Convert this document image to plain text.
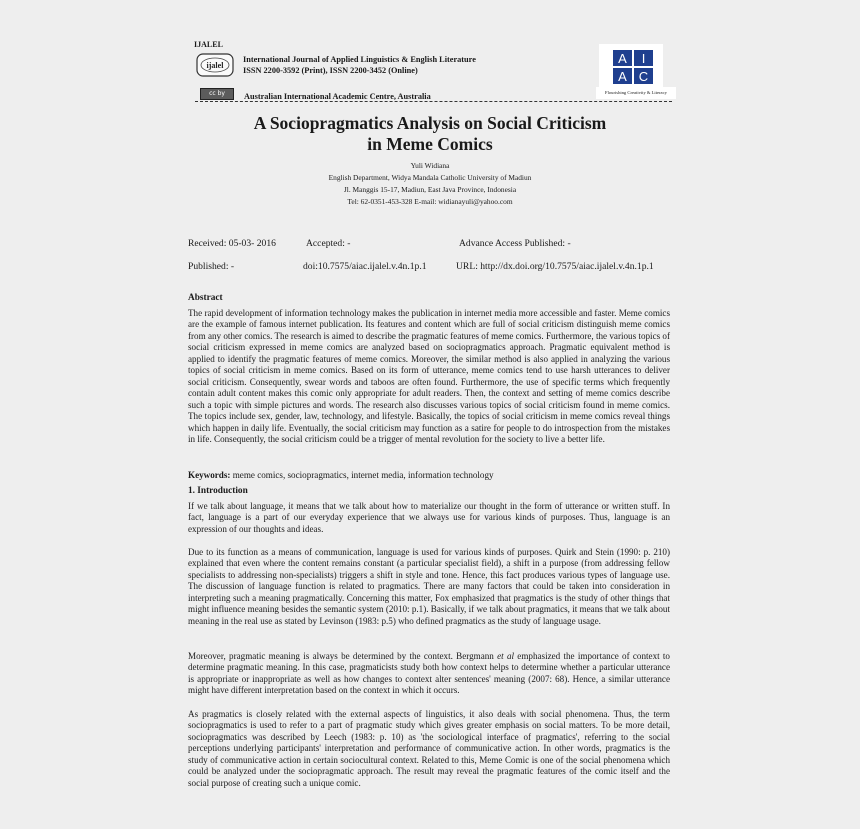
IJALEL
ijalel
International Journal of Applied Linguistics & English Literature
ISSN 2200-3592 (Print), ISSN 2200-3452 (Online)
cc by	Australian International Academic Centre, Australia
A I
A C
Flourishing Creativity & Literacy
A Sociopragmatics Analysis on Social Criticism
in Meme Comics
Yuli Widiana
English Department, Widya Mandala Catholic University of Madiun
Jl. Manggis 15-17, Madiun, East Java Province, Indonesia
Tel: 62-0351-453-328 E-mail: widianayuli@yahoo.com
Received: 05-03- 2016	Accepted: -	Advance Access Published: -
Published: -	doi:10.7575/aiac.ijalel.v.4n.1p.1	URL: http://dx.doi.org/10.7575/aiac.ijalel.v.4n.1p.1
Abstract
The rapid development of information technology makes the publication in internet media more accessible and faster. Meme comics are the example of famous internet publication. Its features and content which are full of social criticism distinguish meme comics from any other comics. The research is aimed to describe the pragmatic features of meme comics. Furthermore, the various topics of social criticism expressed in meme comics are analyzed based on sociopragmatics approach. Pragmatic equivalent method is applied to identify the pragmatic features of meme comics. Moreover, the similar method is also applied in analyzing the various topics of social criticism in meme comics. Based on its form of utterance, meme comics tend to use harsh utterances to deliver social criticism. Consequently, swear words and taboos are often found. Furthermore, the use of specific terms which frequently contain adult content makes this comic only appropriate for adult readers. Then, the context and setting of meme comics describe such a topic with simple pictures and words. The research also discusses various topics of social criticism found in meme comics. The topics include sex, gender, law, technology, and lifestyle. Basically, the topics of social criticism in meme comics reveal things which happen in daily life. Eventually, the social criticism may function as a satire for people to do introspection from the mistakes in life. Consequently, the social criticism could be a trigger of mental revolution for the society to live a better life.
Keywords: meme comics, sociopragmatics, internet media, information technology
1. Introduction

If we talk about language, it means that we talk about how to materialize our thought in the form of utterance or written stuff. In fact, language is a part of our everyday experience that we always use for various kinds of purposes. Thus, language is an expression of our thoughts and ideas.

Due to its function as a means of communication, language is used for various kinds of purposes. Quirk and Stein (1990: p. 210) explained that even where the content remains constant (a particular specialist field), a shift in a purpose (from addressing fellow specialists to addressing non-specialists) triggers a shift in style and tone. Hence, this fact produces various types of language use. The discussion of language function is related to pragmatics. There are many factors that could be taken into consideration in interpreting such a meaning pragmatically. Concerning this matter, Fox emphasized that pragmatics is the study of other things that might influence meaning besides the semantic system (2010: p.1). Basically, if we talk about pragmatics, it means that we talk about meaning in the real use as stated by Levinson (1983: p.5) who defined pragmatics as the study of language usage.

Moreover, pragmatic meaning is always be determined by the context. Bergmann et al emphasized the importance of context to determine pragmatic meaning. In this case, pragmaticists study both how context helps to determine whether a particular utterance is appropriate or inappropriate as well as how changes to context alter sentences' meaning (2007: 68). Hence, a similar utterance might have different interpretation based on the context in which it occurs.

As pragmatics is closely related with the external aspects of linguistics, it also deals with social phenomena. Thus, the term sociopragmatics is used to refer to a part of pragmatic study which gives greater emphasis on social matters. To be more detail, sociopragmatics was described by Leech (1983: p. 10) as 'the sociological interface of pragmatics', referring to the social perceptions underlying participants' interpretation and performance of communicative action. In other words, pragmatics is the study of communicative action in certain sociocultural context. Related to this, Meme Comic is one of the social phenomena which could be analyzed under the sociopragmatic approach. The result may reveal the pragmatic features of the comic itself and the social purpose of creating such a unique comic.
